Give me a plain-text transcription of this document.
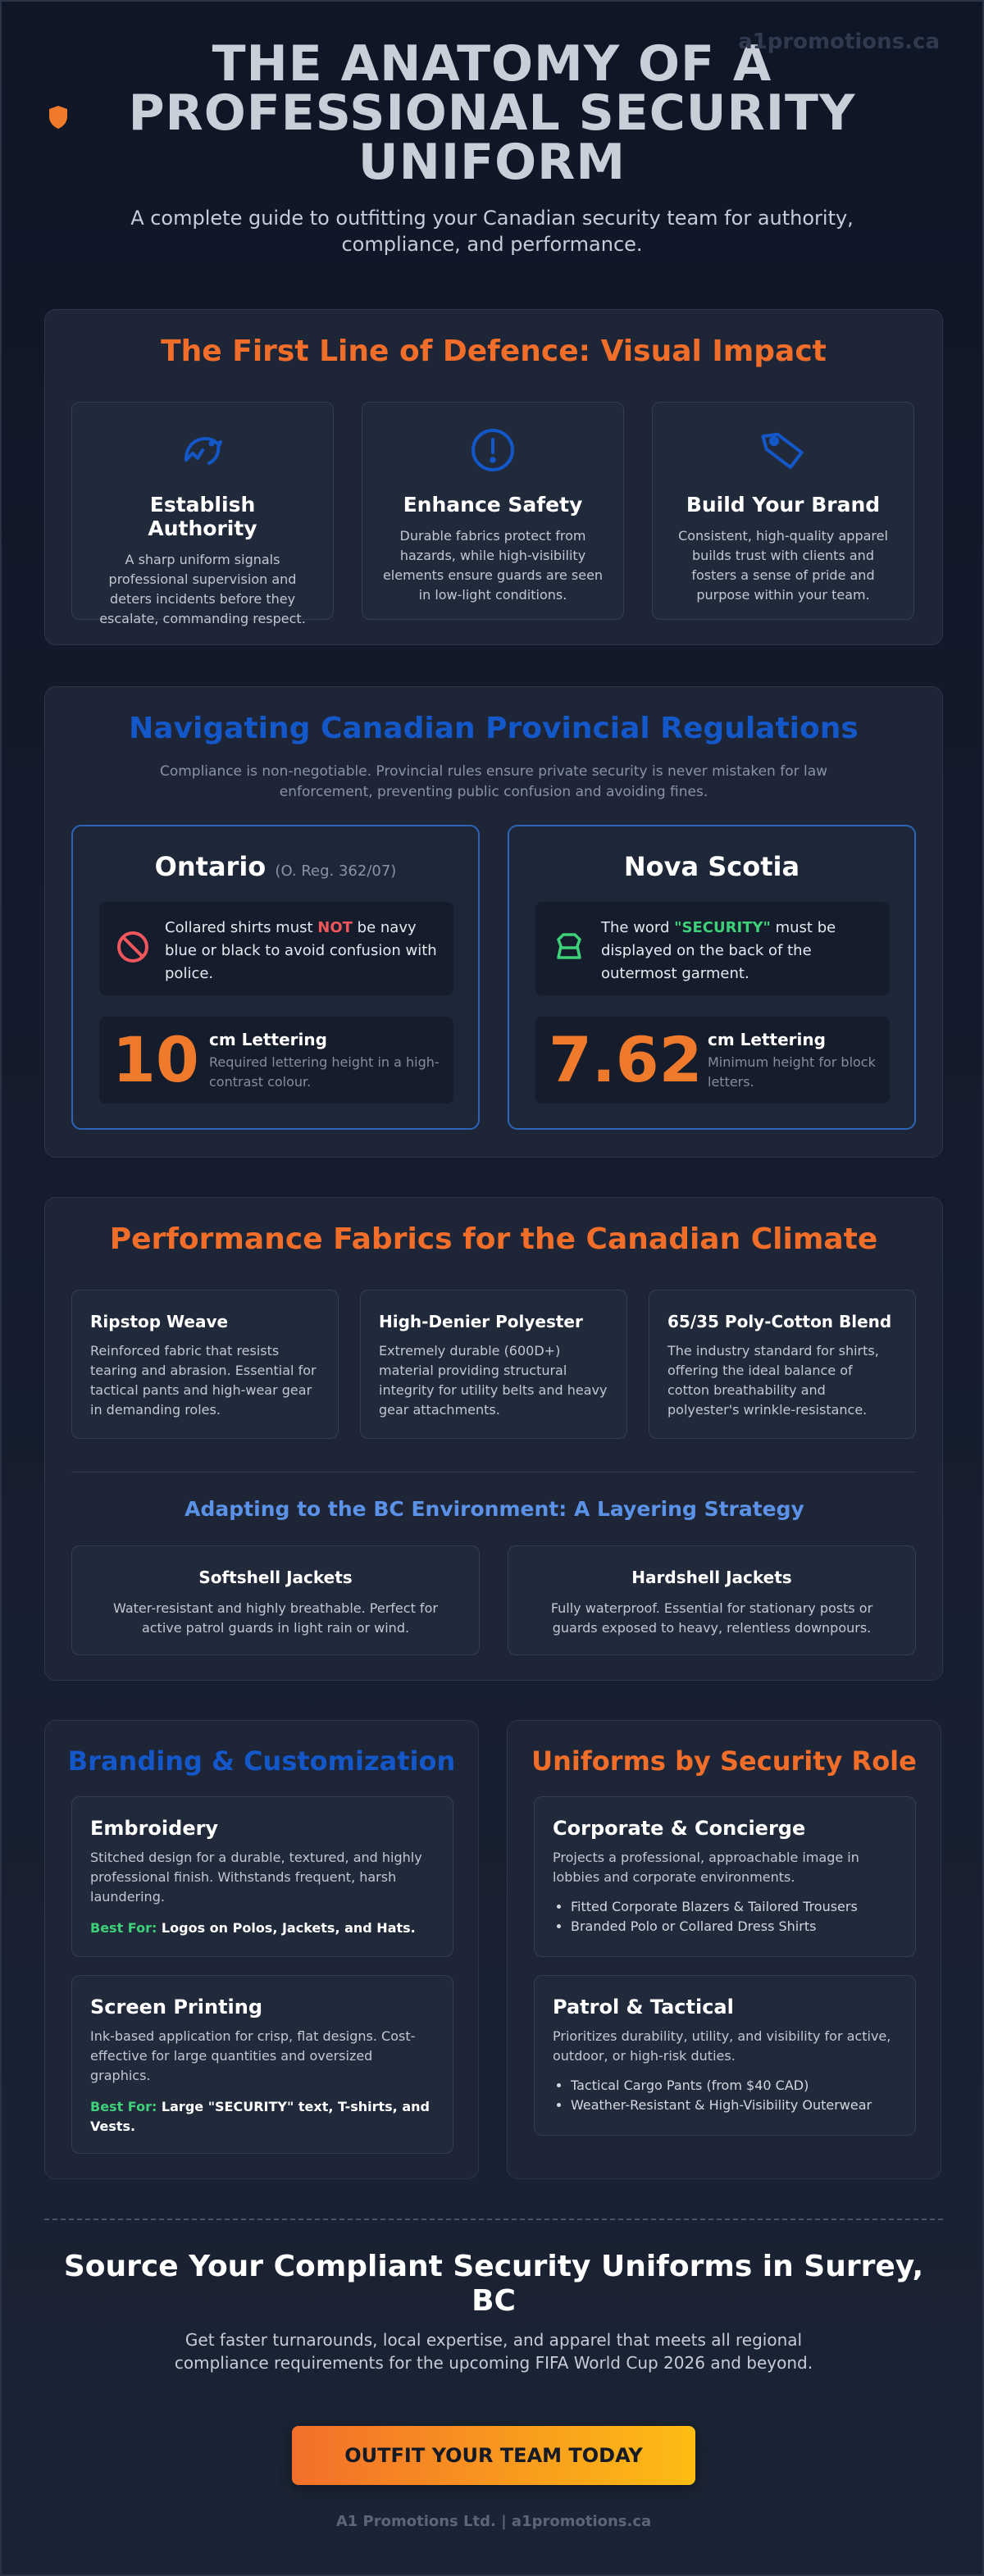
a1promotions.ca
THE ANATOMY OF A PROFESSIONAL SECURITY UNIFORM

A complete guide to outfitting your Canadian security team for authority, compliance, and performance.

The First Line of Defence: Visual Impact
Establish Authority

A sharp uniform signals professional supervision and deters incidents before they escalate, commanding respect.

Enhance Safety

Durable fabrics protect from hazards, while high-visibility elements ensure guards are seen in low-light conditions.

Build Your Brand

Consistent, high-quality apparel builds trust with clients and fosters a sense of pride and purpose within your team.

Navigating Canadian Provincial Regulations

Compliance is non-negotiable. Provincial rules ensure private security is never mistaken for law enforcement, preventing public confusion and avoiding fines.

Ontario (O. Reg. 362/07)
Collared shirts must NOT be navy blue or black to avoid confusion with police.
10 cm Lettering
Required lettering height in a high-contrast colour.
Nova Scotia
The word "SECURITY" must be displayed on the back of the outermost garment.
7.62 cm Lettering
Minimum height for block letters.
Performance Fabrics for the Canadian Climate
Ripstop Weave

Reinforced fabric that resists tearing and abrasion. Essential for tactical pants and high-wear gear in demanding roles.

High-Denier Polyester

Extremely durable (600D+) material providing structural integrity for utility belts and heavy gear attachments.

65/35 Poly-Cotton Blend

The industry standard for shirts, offering the ideal balance of cotton breathability and polyester's wrinkle-resistance.

Adapting to the BC Environment: A Layering Strategy
Softshell Jackets

Water-resistant and highly breathable. Perfect for active patrol guards in light rain or wind.

Hardshell Jackets

Fully waterproof. Essential for stationary posts or guards exposed to heavy, relentless downpours.

Branding & Customization
Embroidery

Stitched design for a durable, textured, and highly professional finish. Withstands frequent, harsh laundering.

Best For: Logos on Polos, Jackets, and Hats.
Screen Printing

Ink-based application for crisp, flat designs. Cost-effective for large quantities and oversized graphics.

Best For: Large "SECURITY" text, T-shirts, and Vests.
Uniforms by Security Role
Corporate & Concierge

Projects a professional, approachable image in lobbies and corporate environments.

• Fitted Corporate Blazers & Tailored Trousers
• Branded Polo or Collared Dress Shirts
Patrol & Tactical

Prioritizes durability, utility, and visibility for active, outdoor, or high-risk duties.

• Tactical Cargo Pants (from $40 CAD)
• Weather-Resistant & High-Visibility Outerwear
Source Your Compliant Security Uniforms in Surrey, BC

Get faster turnarounds, local expertise, and apparel that meets all regional compliance requirements for the upcoming FIFA World Cup 2026 and beyond.

OUTFIT YOUR TEAM TODAY
A1 Promotions Ltd. | a1promotions.ca
